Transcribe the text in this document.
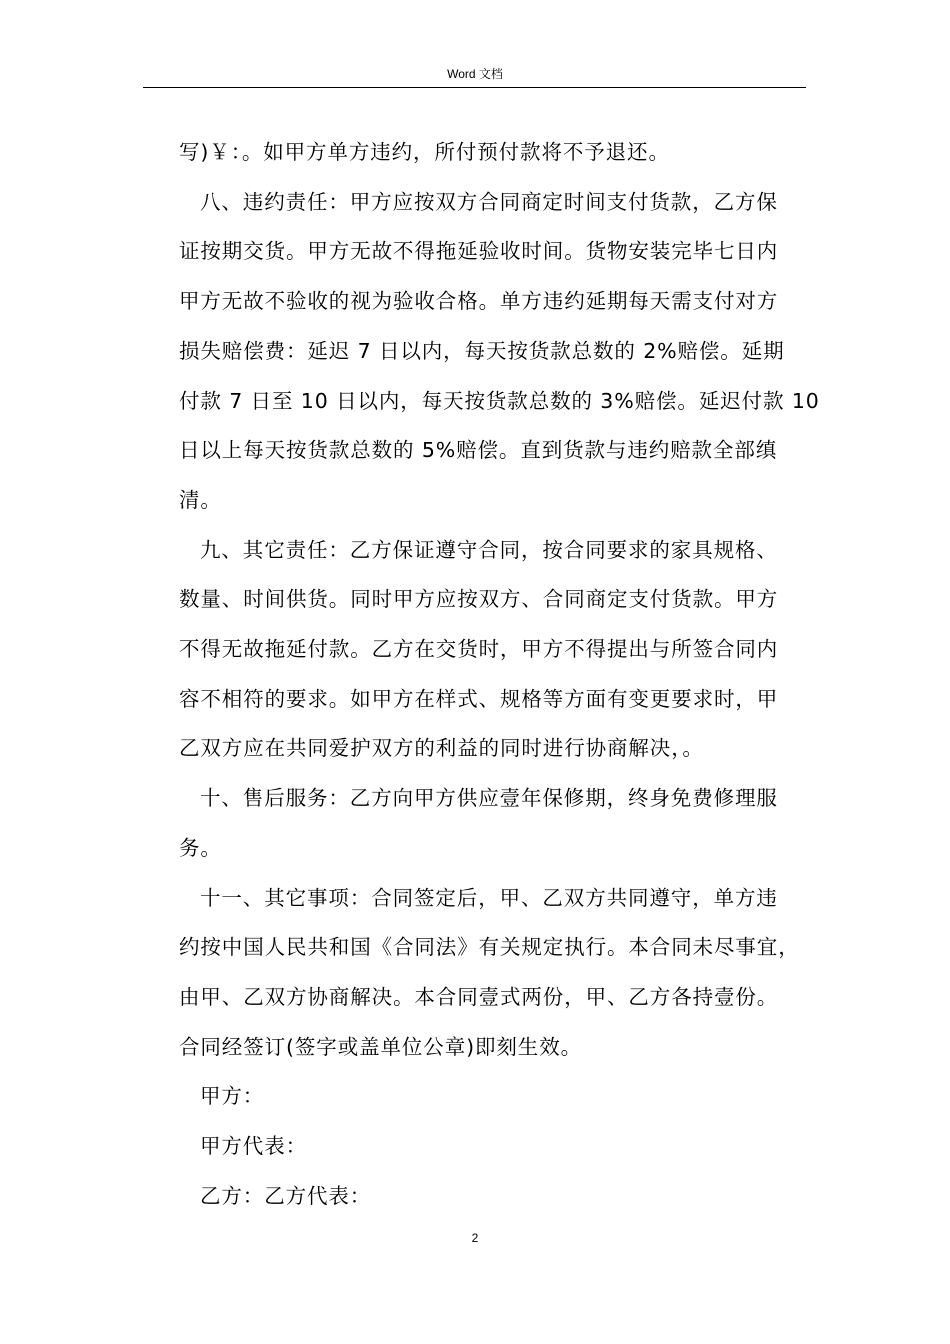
Word 文档

写)￥：。如甲方单方违约，所付预付款将不予退还。

八、违约责任：甲方应按双方合同商定时间支付货款，乙方保

证按期交货。甲方无故不得拖延验收时间。货物安装完毕七日内

甲方无故不验收的视为验收合格。单方违约延期每天需支付对方

损失赔偿费：延迟 7 日以内，每天按货款总数的 2%赔偿。延期

付款 7 日至 10 日以内，每天按货款总数的 3%赔偿。延迟付款 10

日以上每天按货款总数的 5%赔偿。直到货款与违约赔款全部缜

清。

九、其它责任：乙方保证遵守合同，按合同要求的家具规格、

数量、时间供货。同时甲方应按双方、合同商定支付货款。甲方

不得无故拖延付款。乙方在交货时，甲方不得提出与所签合同内

容不相符的要求。如甲方在样式、规格等方面有变更要求时，甲

乙双方应在共同爱护双方的利益的同时进行协商解决，。

十、售后服务：乙方向甲方供应壹年保修期，终身免费修理服

务。

十一、其它事项：合同签定后，甲、乙双方共同遵守，单方违

约按中国人民共和国《合同法》有关规定执行。本合同未尽事宜，

由甲、乙双方协商解决。本合同壹式两份，甲、乙方各持壹份。

合同经签订(签字或盖单位公章)即刻生效。

甲方：

甲方代表：

乙方：乙方代表：

2
